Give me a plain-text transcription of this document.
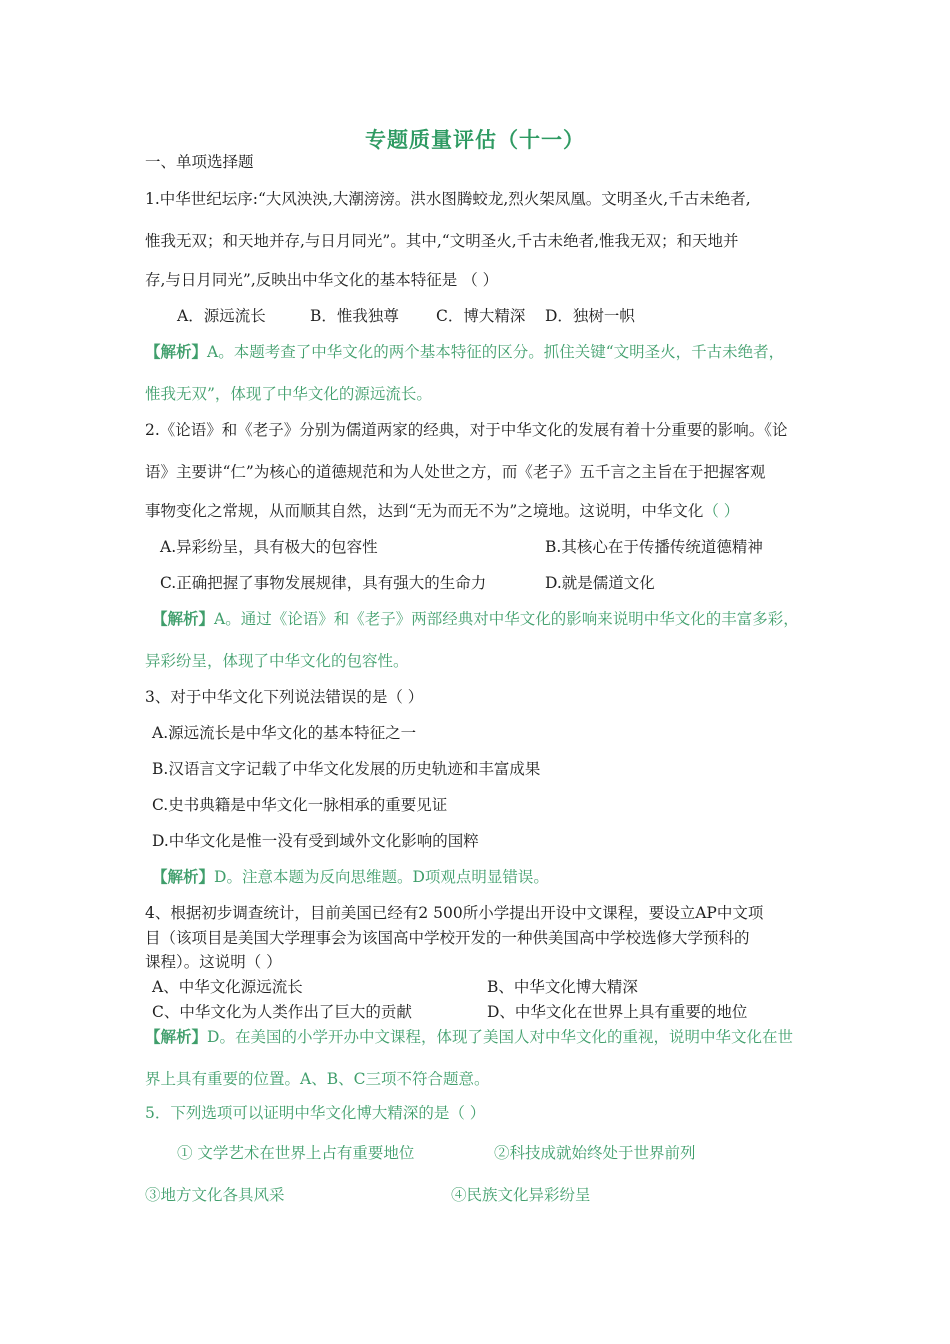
专题质量评估（十一）
一、单项选择题
1.中华世纪坛序:“大风泱泱,大潮滂滂。洪水图腾蛟龙,烈火架凤凰。文明圣火,千古未绝者,
惟我无双；和天地并存,与日月同光”。其中,“文明圣火,千古未绝者,惟我无双；和天地并
存,与日月同光”,反映出中华文化的基本特征是 （ ）
A．源远流长	B．惟我独尊 C．博大精深 D．独树一帜
【解析】A。本题考查了中华文化的两个基本特征的区分。抓住关键“文明圣火，千古未绝者，
惟我无双”，体现了中华文化的源远流长。
2.《论语》和《老子》分别为儒道两家的经典，对于中华文化的发展有着十分重要的影响。《论
语》主要讲“仁”为核心的道德规范和为人处世之方，而《老子》五千言之主旨在于把握客观
事物变化之常规，从而顺其自然，达到“无为而无不为”之境地。这说明，中华文化（ ）
A.异彩纷呈，具有极大的包容性	B.其核心在于传播传统道德精神
C.正确把握了事物发展规律，具有强大的生命力	D.就是儒道文化
【解析】A。通过《论语》和《老子》两部经典对中华文化的影响来说明中华文化的丰富多彩，
异彩纷呈，体现了中华文化的包容性。
3、对于中华文化下列说法错误的是（ ）
A.源远流长是中华文化的基本特征之一
B.汉语言文字记载了中华文化发展的历史轨迹和丰富成果
C.史书典籍是中华文化一脉相承的重要见证
D.中华文化是惟一没有受到域外文化影响的国粹
【解析】D。注意本题为反向思维题。D项观点明显错误。
4、根据初步调查统计，目前美国已经有2 500所小学提出开设中文课程，要设立AP中文项
目（该项目是美国大学理事会为该国高中学校开发的一种供美国高中学校选修大学预科的
课程）。这说明（ ）
A、中华文化源远流长	B、中华文化博大精深
C、中华文化为人类作出了巨大的贡献	D、中华文化在世界上具有重要的地位
【解析】D。在美国的小学开办中文课程，体现了美国人对中华文化的重视，说明中华文化在世
界上具有重要的位置。A、B、C三项不符合题意。
5．下列选项可以证明中华文化博大精深的是（ ）
① 文学艺术在世界上占有重要地位	②科技成就始终处于世界前列
③地方文化各具风采	④民族文化异彩纷呈
